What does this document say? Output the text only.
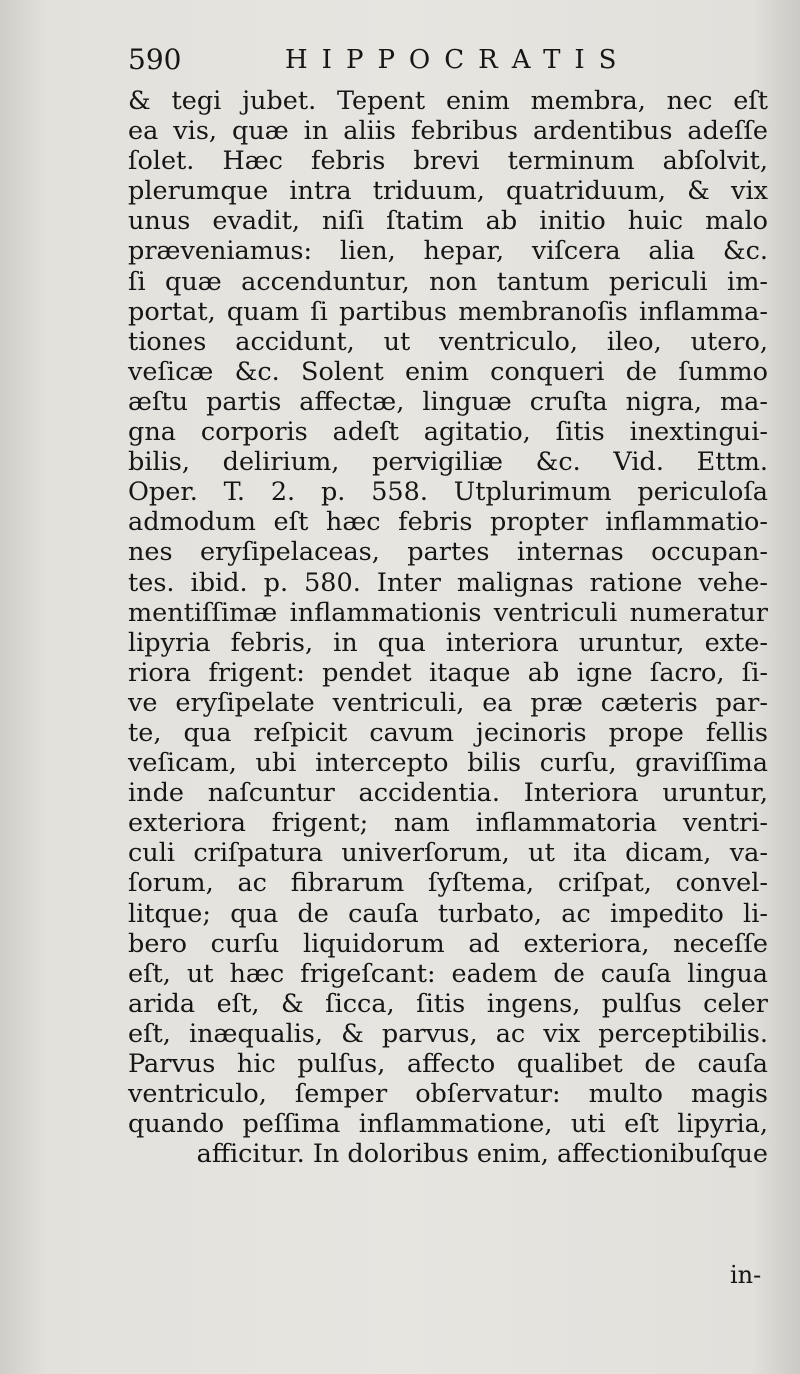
590	HIPPOCRATIS
& tegi jubet. Tepent enim membra, nec eſt
ea vis, quæ in aliis febribus ardentibus adeſſe
ſolet. Hæc febris brevi terminum abſolvit,
plerumque intra triduum, quatriduum, & vix
unus evadit, niſi ſtatim ab initio huic malo
præveniamus: lien, hepar, viſcera alia &c.
ſi quæ accenduntur, non tantum periculi im-
portat, quam ſi partibus membranoſis inflamma-
tiones accidunt, ut ventriculo, ileo, utero,
veſicæ &c. Solent enim conqueri de ſummo
æſtu partis affectæ, linguæ cruſta nigra, ma-
gna corporis adeſt agitatio, ſitis inextingui-
bilis, delirium, pervigiliæ &c. Vid. Ettm.
Oper. T. 2. p. 558. Utplurimum periculoſa
admodum eſt hæc febris propter inflammatio-
nes eryſipelaceas, partes internas occupan-
tes. ibid. p. 580. Inter malignas ratione vehe-
mentiſſimæ inflammationis ventriculi numeratur
lipyria febris, in qua interiora uruntur, exte-
riora frigent: pendet itaque ab igne ſacro, ſi-
ve eryſipelate ventriculi, ea præ cæteris par-
te, qua reſpicit cavum jecinoris prope fellis
veſicam, ubi intercepto bilis curſu, graviſſima
inde naſcuntur accidentia. Interiora uruntur,
exteriora frigent; nam inflammatoria ventri-
culi criſpatura univerſorum, ut ita dicam, va-
ſorum, ac fibrarum ſyſtema, criſpat, convel-
litque; qua de cauſa turbato, ac impedito li-
bero curſu liquidorum ad exteriora, neceſſe
eſt, ut hæc frigeſcant: eadem de cauſa lingua
arida eſt, & ſicca, ſitis ingens, pulſus celer
eſt, inæqualis, & parvus, ac vix perceptibilis.
Parvus hic pulſus, affecto qualibet de cauſa
ventriculo, ſemper obſervatur: multo magis
quando peſſima inflammatione, uti eſt lipyria,
afficitur. In doloribus enim, affectionibuſque
in-
